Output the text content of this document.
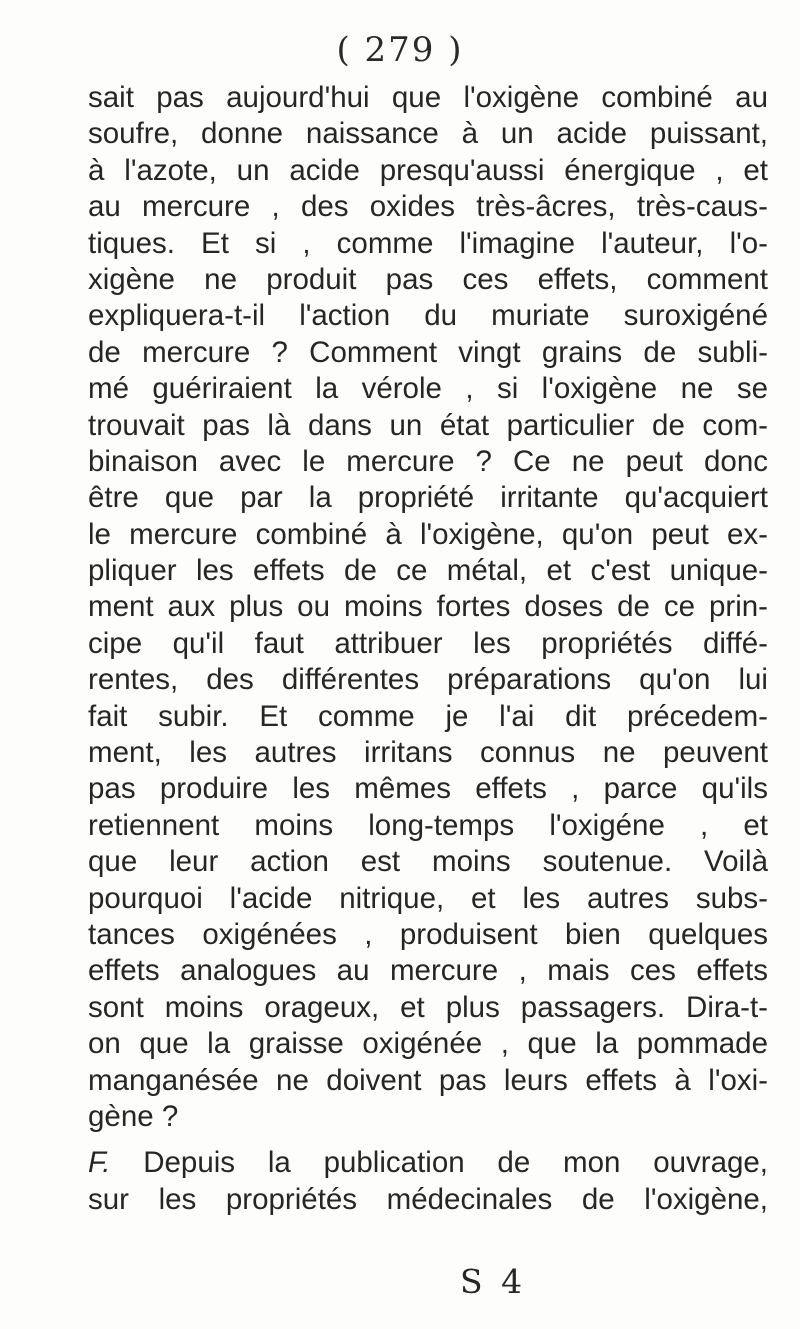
( 279 )
sait pas aujourd'hui que l'oxigène combiné au
soufre, donne naissance à un acide puissant,
à l'azote, un acide presqu'aussi énergique , et
au mercure , des oxides très-âcres, très-caus-
tiques. Et si , comme l'imagine l'auteur, l'o-
xigène ne produit pas ces effets, comment
expliquera-t-il l'action du muriate suroxigéné
de mercure ? Comment vingt grains de subli-
mé guériraient la vérole , si l'oxigène ne se
trouvait pas là dans un état particulier de com-
binaison avec le mercure ? Ce ne peut donc
être que par la propriété irritante qu'acquiert
le mercure combiné à l'oxigène, qu'on peut ex-
pliquer les effets de ce métal, et c'est unique-
ment aux plus ou moins fortes doses de ce prin-
cipe qu'il faut attribuer les propriétés diffé-
rentes, des différentes préparations qu'on lui
fait subir. Et comme je l'ai dit précedem-
ment, les autres irritans connus ne peuvent
pas produire les mêmes effets , parce qu'ils
retiennent moins long-temps l'oxigéne , et
que leur action est moins soutenue. Voilà
pourquoi l'acide nitrique, et les autres subs-
tances oxigénées , produisent bien quelques
effets analogues au mercure , mais ces effets
sont moins orageux, et plus passagers. Dira-t-
on que la graisse oxigénée , que la pommade
manganésée ne doivent pas leurs effets à l'oxi-
gène ?
F. Depuis la publication de mon ouvrage,
sur les propriétés médecinales de l'oxigène,
S 4
